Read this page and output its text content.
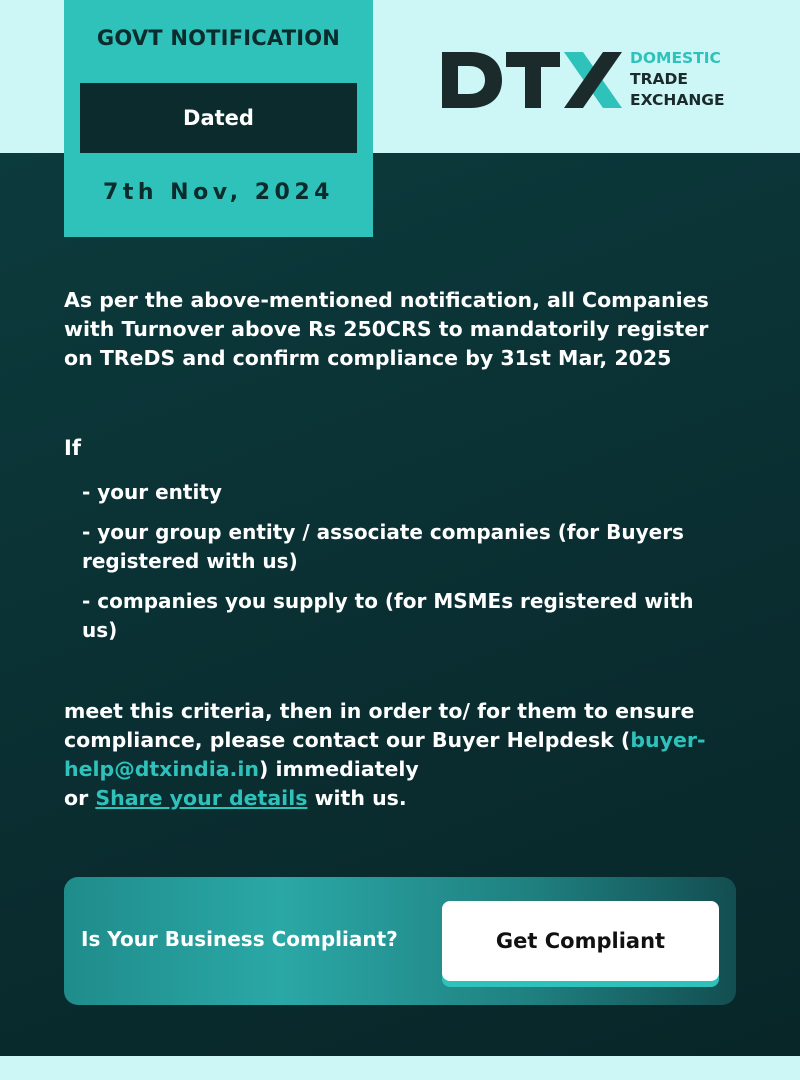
GOVT NOTIFICATION
Dated
7th Nov, 2024
DOMESTIC
TRADE
EXCHANGE

As per the above-mentioned notification, all Companies with Turnover above Rs 250CRS to mandatorily register on TReDS and confirm compliance by 31st Mar, 2025

If
- your entity
- your group entity / associate companies (for Buyers registered with us)
- companies you supply to (for MSMEs registered with us)
meet this criteria, then in order to/ for them to ensure compliance, please contact our Buyer Helpdesk (buyer-help@dtxindia.in) immediately
or Share your details with us.
Is Your Business Compliant?	Get Compliant
